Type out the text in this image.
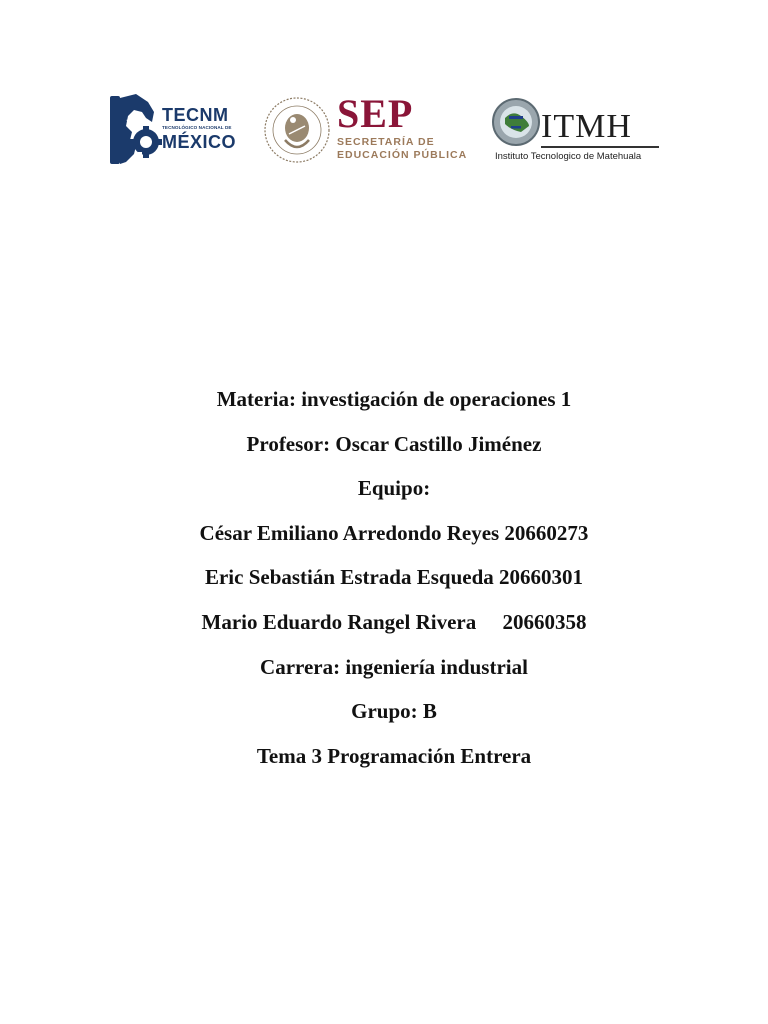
TECNM
TECNOLÓGICO NACIONAL DE
MÉXICO
SEP
SECRETARÍA DE
EDUCACIÓN PÚBLICA
ITMH
Instituto Tecnologico de Matehuala
Materia: investigación de operaciones 1
Profesor: Oscar Castillo Jiménez
Equipo:
César Emiliano Arredondo Reyes 20660273
Eric Sebastián Estrada Esqueda 20660301
Mario Eduardo Rangel Rivera     20660358
Carrera: ingeniería industrial
Grupo: B
Tema 3 Programación Entrera
